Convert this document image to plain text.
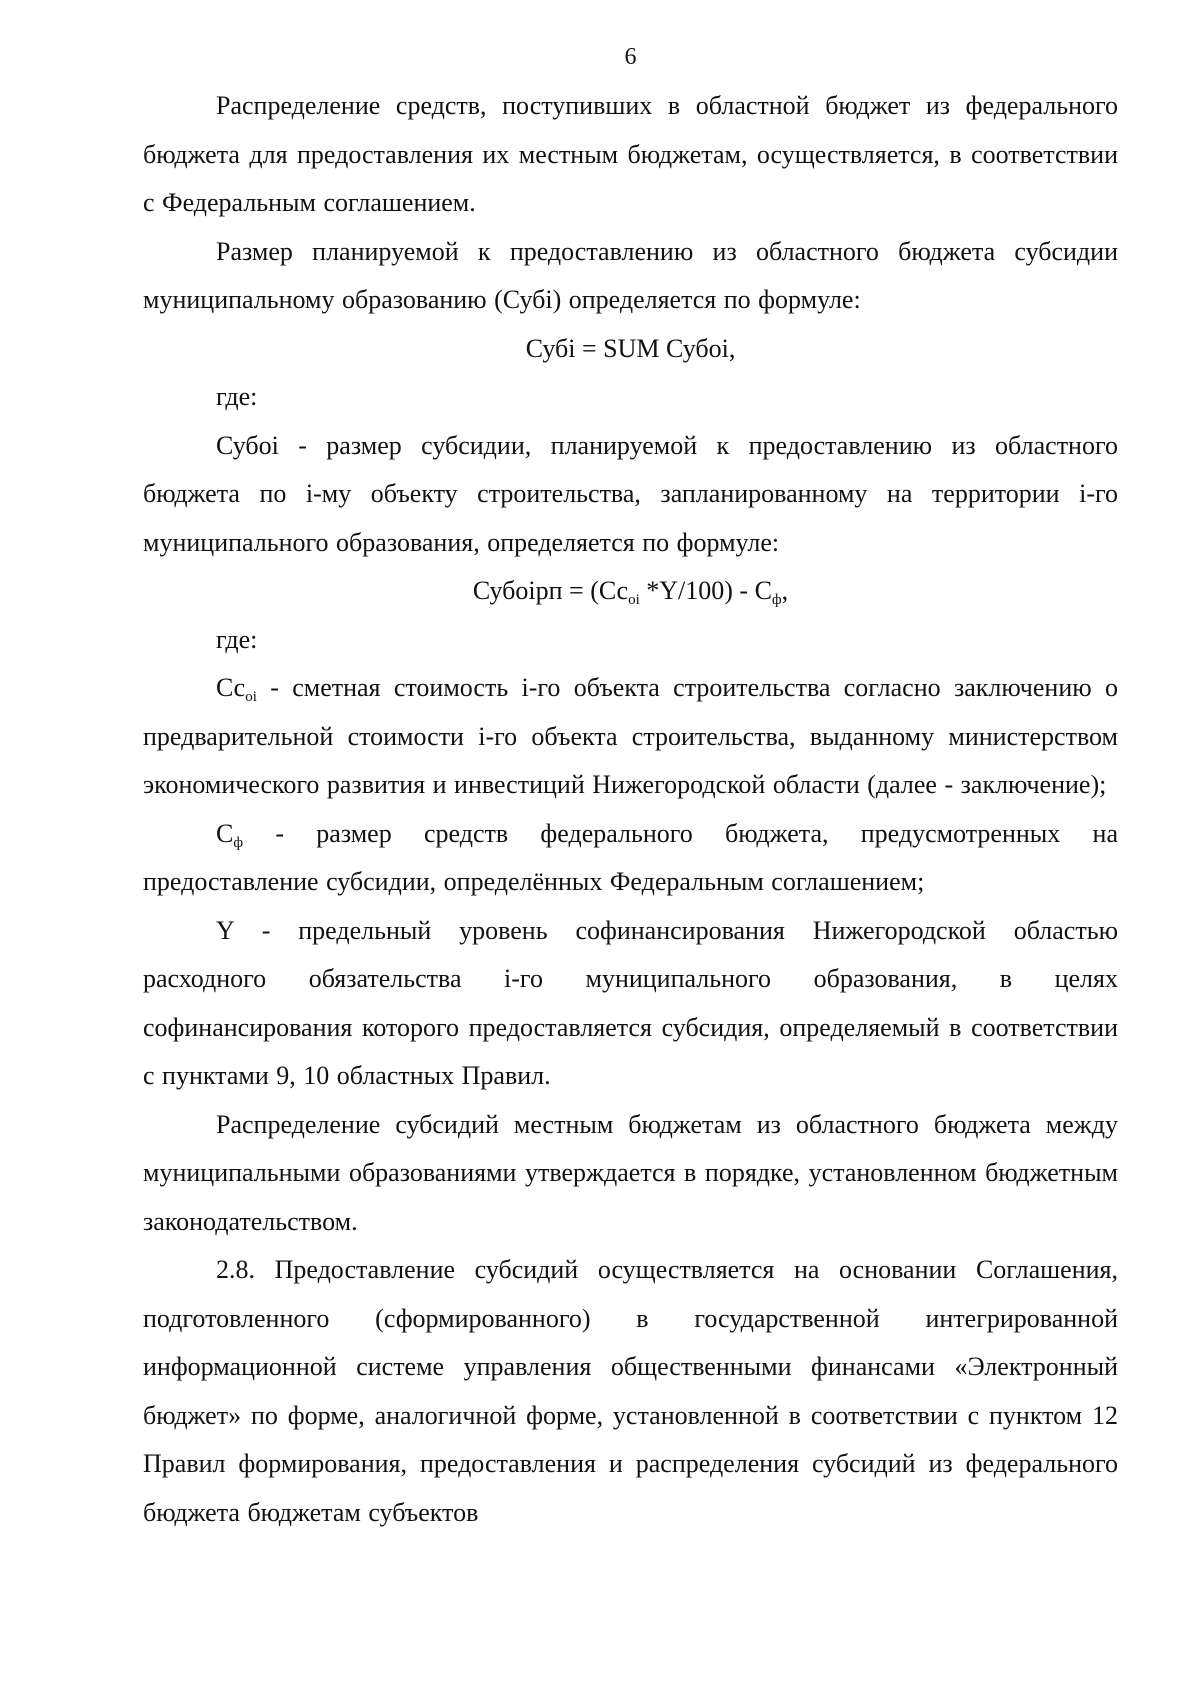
6

Распределение средств, поступивших в областной бюджет из федерального бюджета для предоставления их местным бюджетам, осуществляется, в соответствии с Федеральным соглашением.

Размер планируемой к предоставлению из областного бюджета субсидии муниципальному образованию (Субi) определяется по формуле:

Субi = SUM Субоi,

где:

Субоi - размер субсидии, планируемой к предоставлению из областного бюджета по i-му объекту строительства, запланированному на территории i-го муниципального образования, определяется по формуле:

Субоiрп = ($Сс_{oi}$ $*Y/100) - С_ф$,

где:

$Сс_{oi}$ - сметная стоимость i-го объекта строительства согласно заключению о предварительной стоимости i-го объекта строительства, выданному министерством экономического развития и инвестиций Нижегородской области (далее - заключение);

$С_ф$ - размер средств федерального бюджета, предусмотренных на предоставление субсидии, определённых Федеральным соглашением;

Y - предельный уровень софинансирования Нижегородской областью расходного обязательства i-го муниципального образования, в целях софинансирования которого предоставляется субсидия, определяемый в соответствии с пунктами 9, 10 областных Правил.

Распределение субсидий местным бюджетам из областного бюджета между муниципальными образованиями утверждается в порядке, установленном бюджетным законодательством.

2.8. Предоставление субсидий осуществляется на основании Соглашения, подготовленного (сформированного) в государственной интегрированной информационной системе управления общественными финансами «Электронный бюджет» по форме, аналогичной форме, установленной в соответствии с пунктом 12 Правил формирования, предоставления и распределения субсидий из федерального бюджета бюджетам субъектов
